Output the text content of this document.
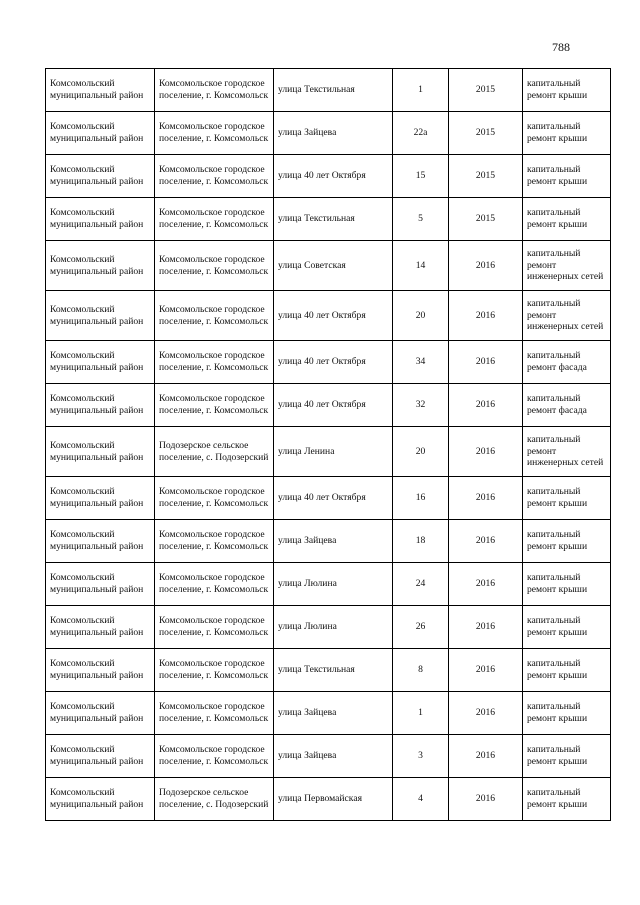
788
Комсомольский муниципальный район	Комсомольское городское поселение, г. Комсомольск	улица Текстильная	1	2015	капитальный ремонт крыши
Комсомольский муниципальный район	Комсомольское городское поселение, г. Комсомольск	улица Зайцева	22а	2015	капитальный ремонт крыши
Комсомольский муниципальный район	Комсомольское городское поселение, г. Комсомольск	улица 40 лет Октября	15	2015	капитальный ремонт крыши
Комсомольский муниципальный район	Комсомольское городское поселение, г. Комсомольск	улица Текстильная	5	2015	капитальный ремонт крыши
Комсомольский муниципальный район	Комсомольское городское поселение, г. Комсомольск	улица Советская	14	2016	капитальный ремонт инженерных сетей
Комсомольский муниципальный район	Комсомольское городское поселение, г. Комсомольск	улица 40 лет Октября	20	2016	капитальный ремонт инженерных сетей
Комсомольский муниципальный район	Комсомольское городское поселение, г. Комсомольск	улица 40 лет Октября	34	2016	капитальный ремонт фасада
Комсомольский муниципальный район	Комсомольское городское поселение, г. Комсомольск	улица 40 лет Октября	32	2016	капитальный ремонт фасада
Комсомольский муниципальный район	Подозерское сельское поселение, с. Подозерский	улица Ленина	20	2016	капитальный ремонт инженерных сетей
Комсомольский муниципальный район	Комсомольское городское поселение, г. Комсомольск	улица 40 лет Октября	16	2016	капитальный ремонт крыши
Комсомольский муниципальный район	Комсомольское городское поселение, г. Комсомольск	улица Зайцева	18	2016	капитальный ремонт крыши
Комсомольский муниципальный район	Комсомольское городское поселение, г. Комсомольск	улица Люлина	24	2016	капитальный ремонт крыши
Комсомольский муниципальный район	Комсомольское городское поселение, г. Комсомольск	улица Люлина	26	2016	капитальный ремонт крыши
Комсомольский муниципальный район	Комсомольское городское поселение, г. Комсомольск	улица Текстильная	8	2016	капитальный ремонт крыши
Комсомольский муниципальный район	Комсомольское городское поселение, г. Комсомольск	улица Зайцева	1	2016	капитальный ремонт крыши
Комсомольский муниципальный район	Комсомольское городское поселение, г. Комсомольск	улица Зайцева	3	2016	капитальный ремонт крыши
Комсомольский муниципальный район	Подозерское сельское поселение, с. Подозерский	улица Первомайская	4	2016	капитальный ремонт крыши
